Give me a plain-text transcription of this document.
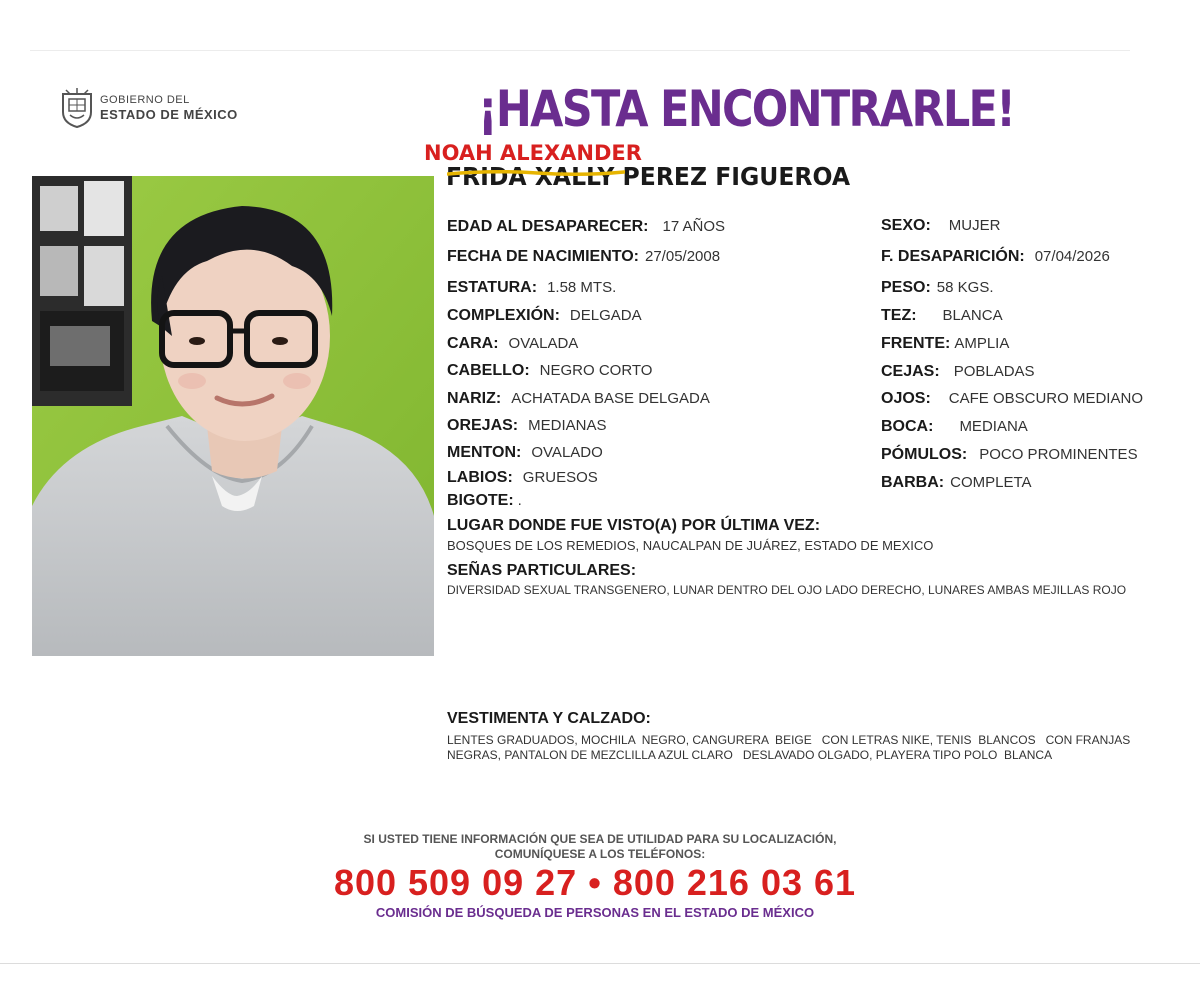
GOBIERNO DEL
ESTADO DE MÉXICO	¡HASTA ENCONTRARLE!
NOAH ALEXANDER
FRIDA XALLY PEREZ FIGUEROA
EDAD AL DESAPARECER: 17 AÑOS
FECHA DE NACIMIENTO: 27/05/2008
ESTATURA: 1.58 MTS.
COMPLEXIÓN: DELGADA
CARA: OVALADA
CABELLO: NEGRO CORTO
NARIZ: ACHATADA BASE DELGADA
OREJAS: MEDIANAS
MENTON: OVALADO
LABIOS: GRUESOS
BIGOTE: .
SEXO: MUJER
F. DESAPARICIÓN: 07/04/2026
PESO: 58 KGS.
TEZ: BLANCA
FRENTE: AMPLIA
CEJAS: POBLADAS
OJOS: CAFE OBSCURO MEDIANO
BOCA: MEDIANA
PÓMULOS: POCO PROMINENTES
BARBA: COMPLETA
LUGAR DONDE FUE VISTO(A) POR ÚLTIMA VEZ:
BOSQUES DE LOS REMEDIOS, NAUCALPAN DE JUÁREZ, ESTADO DE MEXICO
SEÑAS PARTICULARES:
DIVERSIDAD SEXUAL TRANSGENERO, LUNAR DENTRO DEL OJO LADO DERECHO, LUNARES AMBAS MEJILLAS ROJO
VESTIMENTA Y CALZADO:
LENTES GRADUADOS, MOCHILA  NEGRO, CANGURERA  BEIGE   CON LETRAS NIKE, TENIS  BLANCOS   CON FRANJAS
NEGRAS, PANTALON DE MEZCLILLA AZUL CLARO   DESLAVADO OLGADO, PLAYERA TIPO POLO  BLANCA
SI USTED TIENE INFORMACIÓN QUE SEA DE UTILIDAD PARA SU LOCALIZACIÓN,
COMUNÍQUESE A LOS TELÉFONOS:
800 509 09 27 • 800 216 03 61
COMISIÓN DE BÚSQUEDA DE PERSONAS EN EL ESTADO DE MÉXICO
